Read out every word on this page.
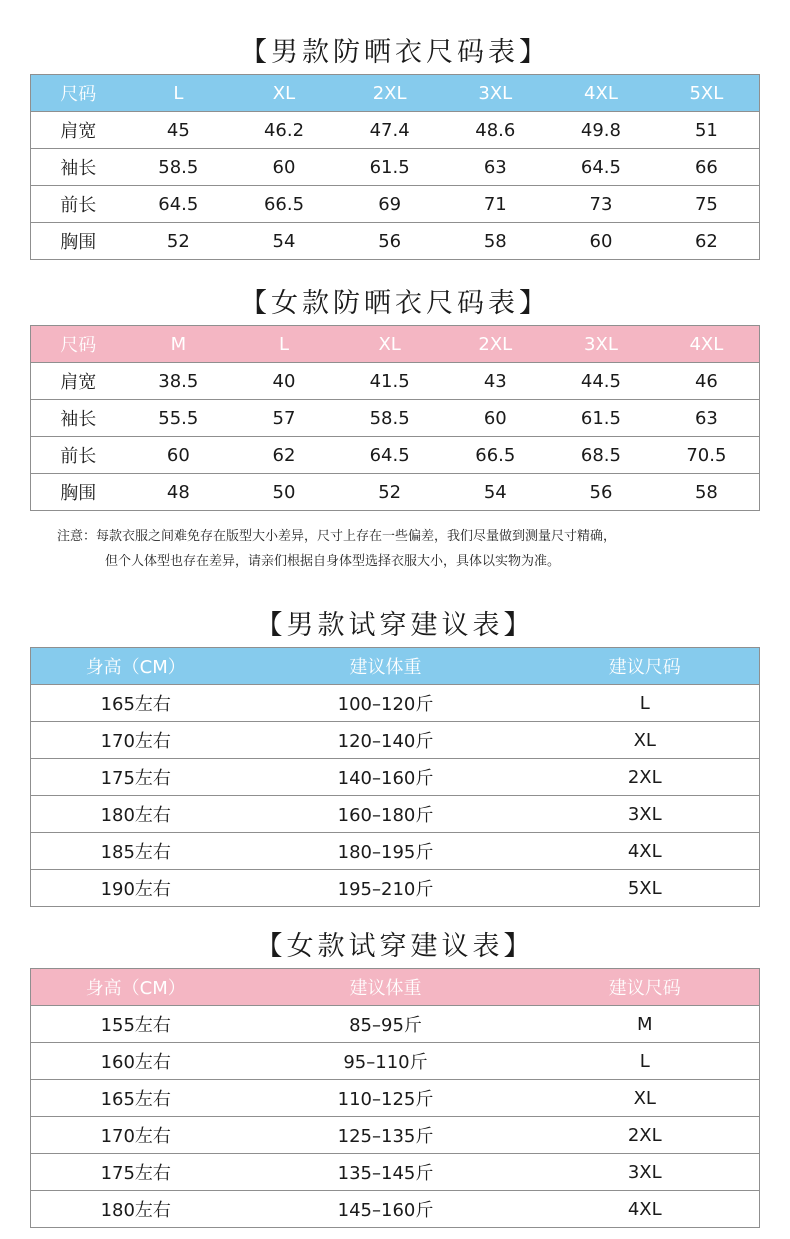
【男款防晒衣尺码表】
尺码	L	XL	2XL	3XL	4XL	5XL
肩宽	45	46.2	47.4	48.6	49.8	51
袖长	58.5	60	61.5	63	64.5	66
前长	64.5	66.5	69	71	73	75
胸围	52	54	56	58	60	62
【女款防晒衣尺码表】
尺码	M	L	XL	2XL	3XL	4XL
肩宽	38.5	40	41.5	43	44.5	46
袖长	55.5	57	58.5	60	61.5	63
前长	60	62	64.5	66.5	68.5	70.5
胸围	48	50	52	54	56	58
注意：每款衣服之间难免存在版型大小差异，尺寸上存在一些偏差，我们尽量做到测量尺寸精确，
但个人体型也存在差异，请亲们根据自身体型选择衣服大小，具体以实物为准。
【男款试穿建议表】
身高（CM）	建议体重	建议尺码
165左右	100–120斤	L
170左右	120–140斤	XL
175左右	140–160斤	2XL
180左右	160–180斤	3XL
185左右	180–195斤	4XL
190左右	195–210斤	5XL
【女款试穿建议表】
身高（CM）	建议体重	建议尺码
155左右	85–95斤	M
160左右	95–110斤	L
165左右	110–125斤	XL
170左右	125–135斤	2XL
175左右	135–145斤	3XL
180左右	145–160斤	4XL
